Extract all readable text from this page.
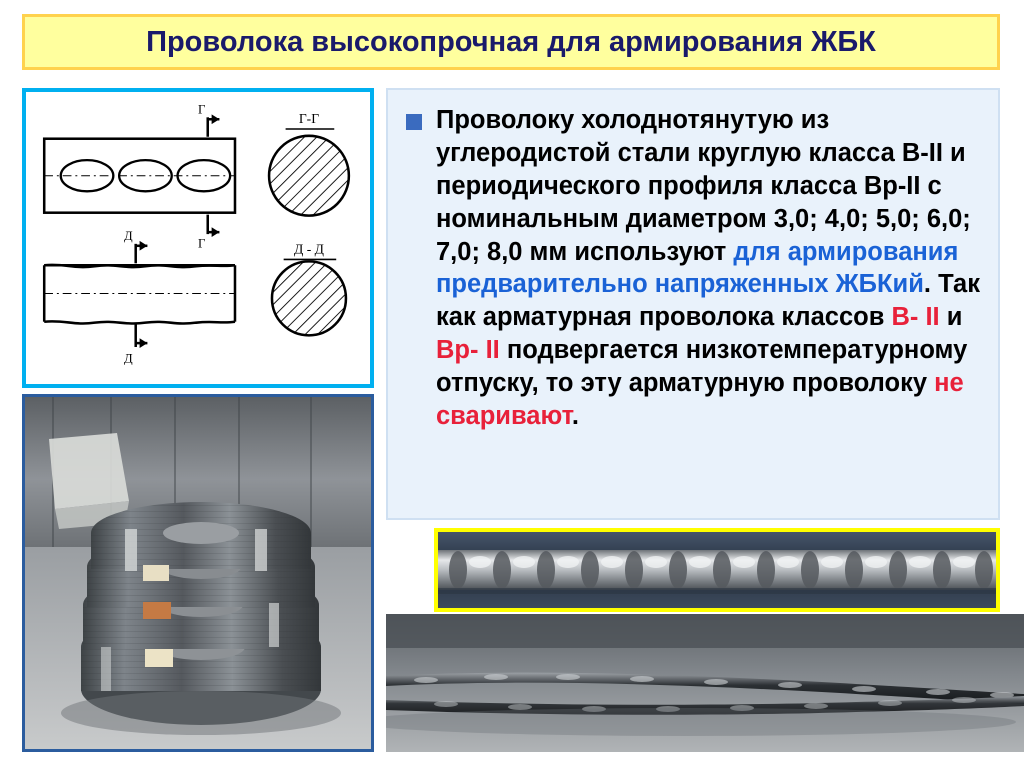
Проволока высокопрочная для армирования ЖБК
Г
Г
Г-Г
Д
Д
Д - Д
Проволоку холоднотянутую из углеродистой стали круглую класса В-II и периодического профиля класса Вр-II с номинальным диаметром 3,0; 4,0; 5,0; 6,0; 7,0; 8,0 мм используют для армирования предварительно напряженных ЖБКий. Так как арматурная проволока классов В- II и Вр- II подвергается низкотемпературному отпуску, то эту арматурную проволоку не сваривают.
